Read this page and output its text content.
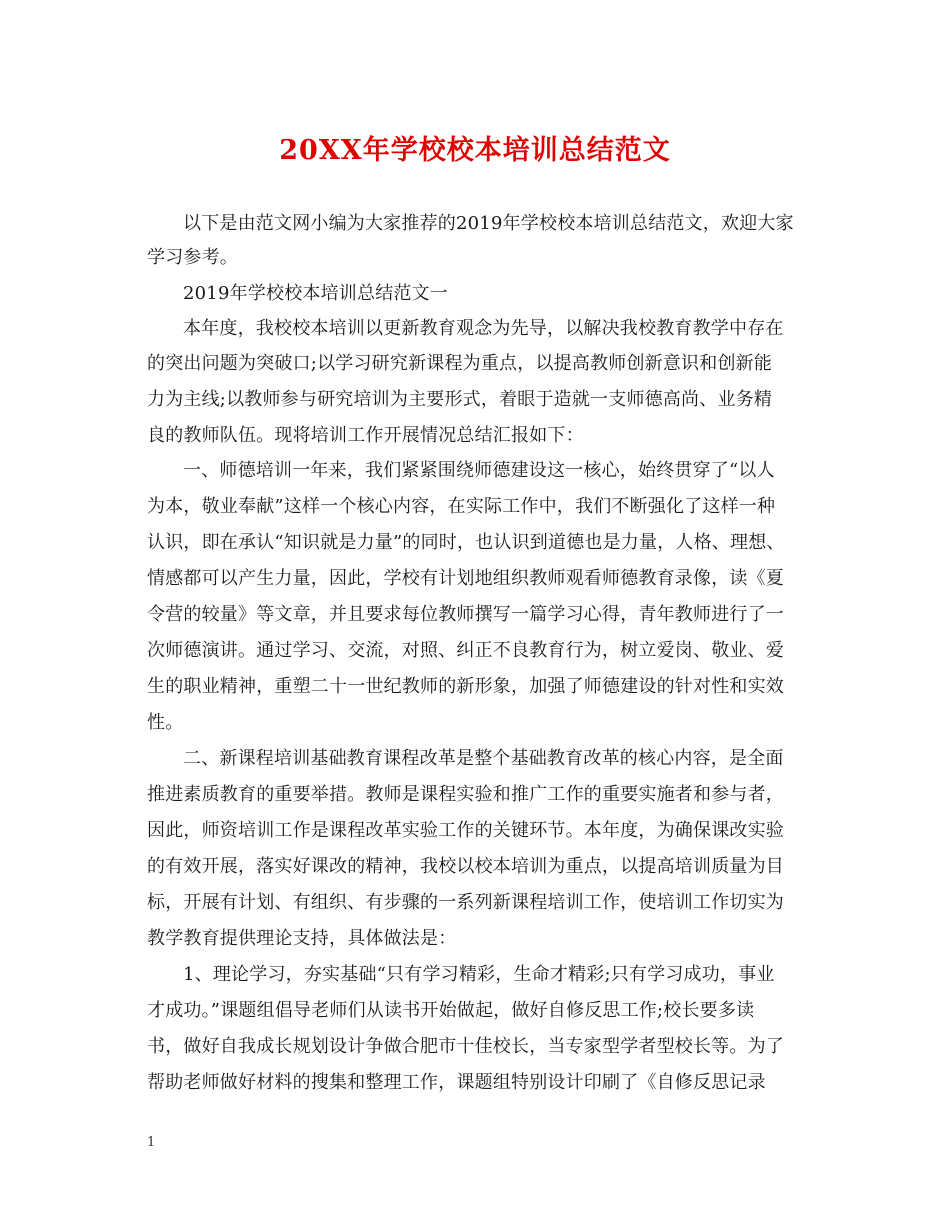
20XX年学校校本培训总结范文
以下是由范文网小编为大家推荐的2019年学校校本培训总结范文，欢迎大家
学习参考。
2019年学校校本培训总结范文一
本年度，我校校本培训以更新教育观念为先导，以解决我校教育教学中存在
的突出问题为突破口;以学习研究新课程为重点，以提高教师创新意识和创新能
力为主线;以教师参与研究培训为主要形式，着眼于造就一支师德高尚、业务精
良的教师队伍。现将培训工作开展情况总结汇报如下：
一、师德培训一年来，我们紧紧围绕师德建设这一核心，始终贯穿了“以人
为本，敬业奉献”这样一个核心内容，在实际工作中，我们不断强化了这样一种
认识，即在承认“知识就是力量”的同时，也认识到道德也是力量，人格、理想、
情感都可以产生力量，因此，学校有计划地组织教师观看师德教育录像，读《夏
令营的较量》等文章，并且要求每位教师撰写一篇学习心得，青年教师进行了一
次师德演讲。通过学习、交流，对照、纠正不良教育行为，树立爱岗、敬业、爱
生的职业精神，重塑二十一世纪教师的新形象，加强了师德建设的针对性和实效
性。
二、新课程培训基础教育课程改革是整个基础教育改革的核心内容，是全面
推进素质教育的重要举措。教师是课程实验和推广工作的重要实施者和参与者，
因此，师资培训工作是课程改革实验工作的关键环节。本年度，为确保课改实验
的有效开展，落实好课改的精神，我校以校本培训为重点，以提高培训质量为目
标，开展有计划、有组织、有步骤的一系列新课程培训工作，使培训工作切实为
教学教育提供理论支持，具体做法是：
1、理论学习，夯实基础“只有学习精彩，生命才精彩;只有学习成功，事业
才成功。”课题组倡导老师们从读书开始做起，做好自修反思工作;校长要多读
书，做好自我成长规划设计争做合肥市十佳校长，当专家型学者型校长等。为了
帮助老师做好材料的搜集和整理工作，课题组特别设计印刷了《自修反思记录
1
